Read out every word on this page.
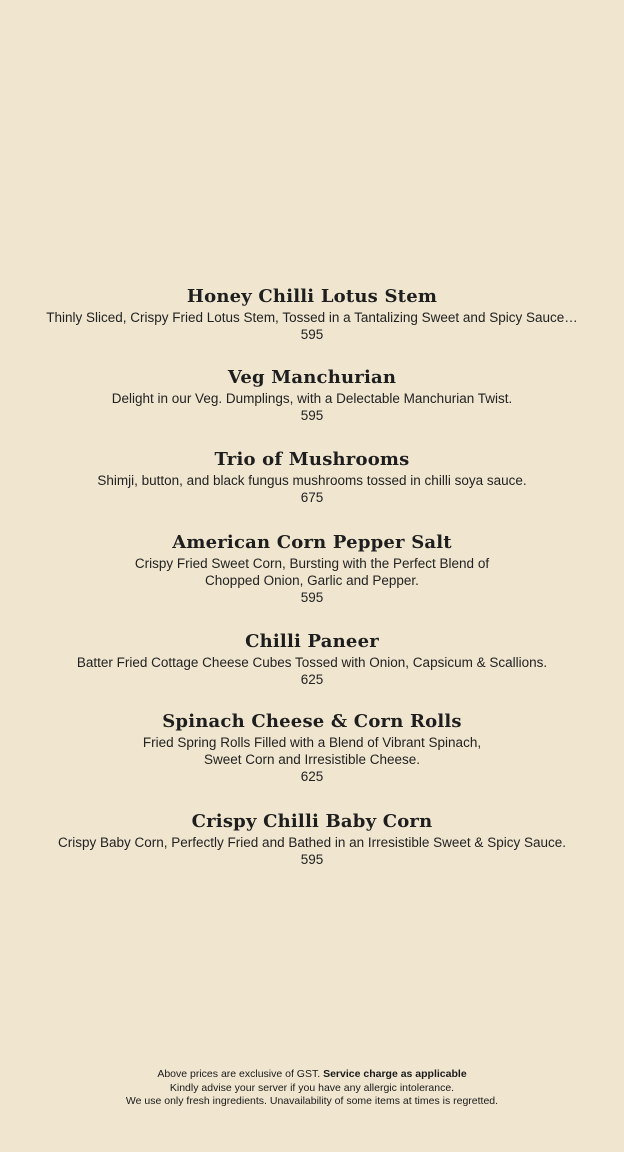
Honey Chilli Lotus Stem
Thinly Sliced, Crispy Fried Lotus Stem, Tossed in a Tantalizing Sweet and Spicy Sauce…
595
Veg Manchurian
Delight in our Veg. Dumplings, with a Delectable Manchurian Twist.
595
Trio of Mushrooms
Shimji, button, and black fungus mushrooms tossed in chilli soya sauce.
675
American Corn Pepper Salt
Crispy Fried Sweet Corn, Bursting with the Perfect Blend of
Chopped Onion, Garlic and Pepper.
595
Chilli Paneer
Batter Fried Cottage Cheese Cubes Tossed with Onion, Capsicum & Scallions.
625
Spinach Cheese & Corn Rolls
Fried Spring Rolls Filled with a Blend of Vibrant Spinach,
Sweet Corn and Irresistible Cheese.
625
Crispy Chilli Baby Corn
Crispy Baby Corn, Perfectly Fried and Bathed in an Irresistible Sweet & Spicy Sauce.
595
Above prices are exclusive of GST. Service charge as applicable
Kindly advise your server if you have any allergic intolerance.
We use only fresh ingredients. Unavailability of some items at times is regretted.
